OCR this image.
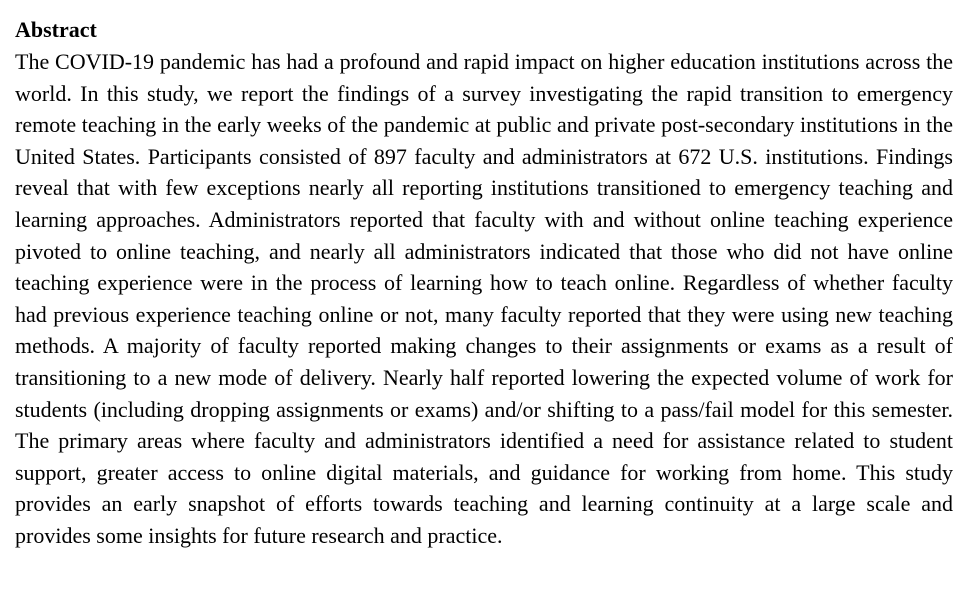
Abstract

The COVID-19 pandemic has had a profound and rapid impact on higher education institutions across the world. In this study, we report the findings of a survey investigating the rapid transition to emergency remote teaching in the early weeks of the pandemic at public and private post-secondary institutions in the United States. Participants consisted of 897 faculty and administrators at 672 U.S. institutions. Findings reveal that with few exceptions nearly all reporting institutions transitioned to emergency teaching and learning approaches. Administrators reported that faculty with and without online teaching experience pivoted to online teaching, and nearly all administrators indicated that those who did not have online teaching experience were in the process of learning how to teach online. Regardless of whether faculty had previous experience teaching online or not, many faculty reported that they were using new teaching methods. A majority of faculty reported making changes to their assignments or exams as a result of transitioning to a new mode of delivery. Nearly half reported lowering the expected volume of work for students (including dropping assignments or exams) and/or shifting to a pass/fail model for this semester. The primary areas where faculty and administrators identified a need for assistance related to student support, greater access to online digital materials, and guidance for working from home. This study provides an early snapshot of efforts towards teaching and learning continuity at a large scale and provides some insights for future research and practice.
